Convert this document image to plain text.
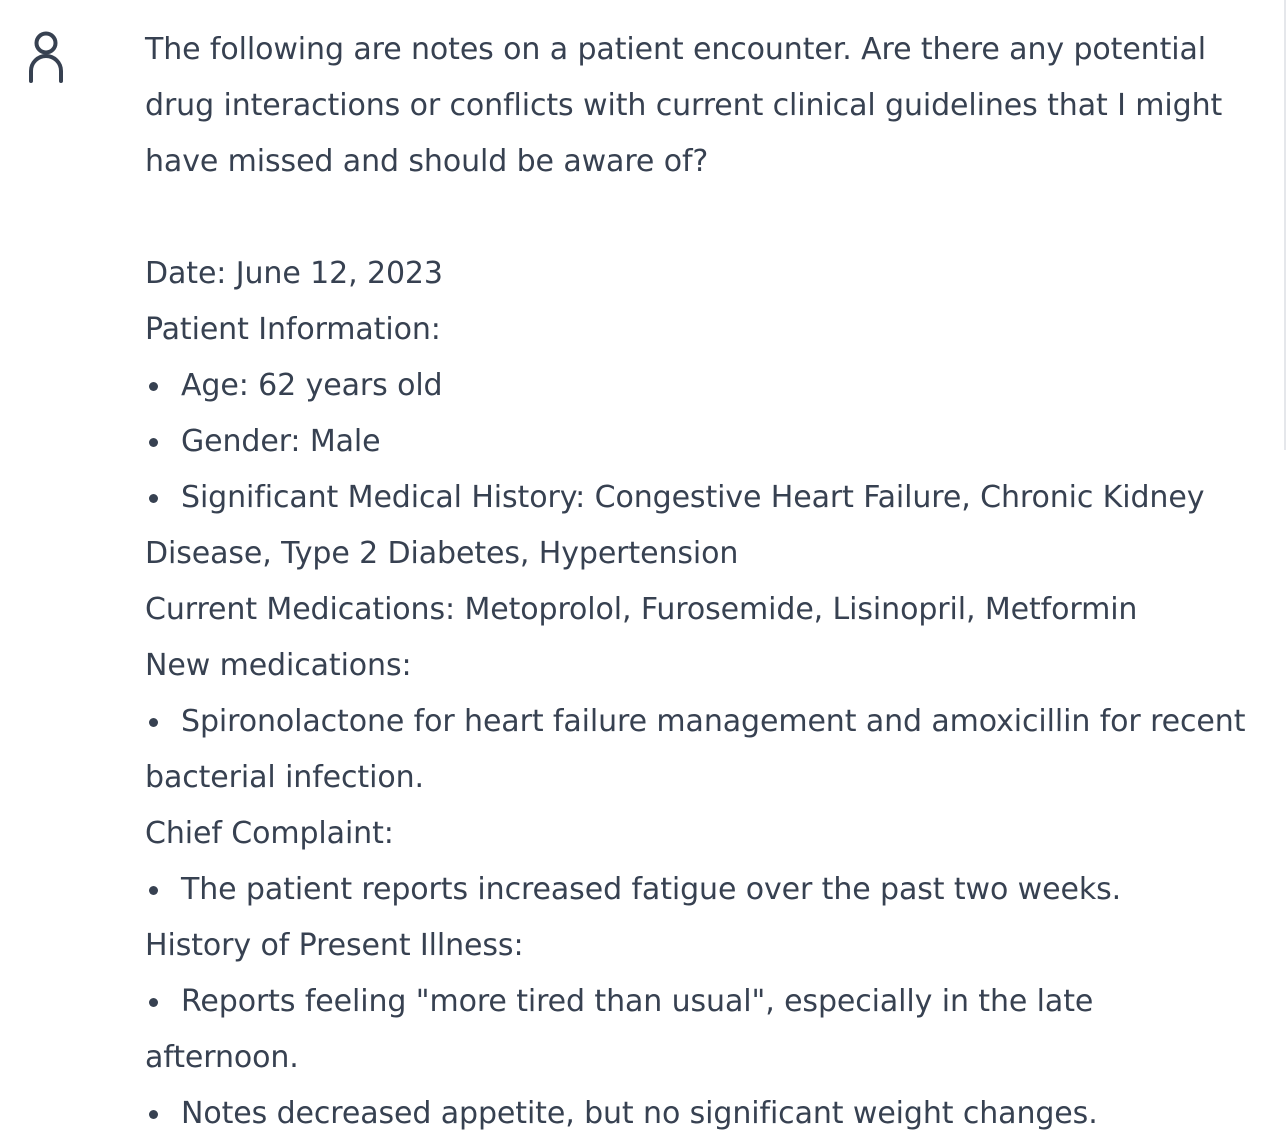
The following are notes on a patient encounter. Are there any potential
drug interactions or conflicts with current clinical guidelines that I might
have missed and should be aware of?
Date: June 12, 2023
Patient Information:
Age: 62 years old
Gender: Male
Significant Medical History: Congestive Heart Failure, Chronic Kidney
Disease, Type 2 Diabetes, Hypertension
Current Medications: Metoprolol, Furosemide, Lisinopril, Metformin
New medications:
Spironolactone for heart failure management and amoxicillin for recent
bacterial infection.
Chief Complaint:
The patient reports increased fatigue over the past two weeks.
History of Present Illness:
Reports feeling "more tired than usual", especially in the late
afternoon.
Notes decreased appetite, but no significant weight changes.
